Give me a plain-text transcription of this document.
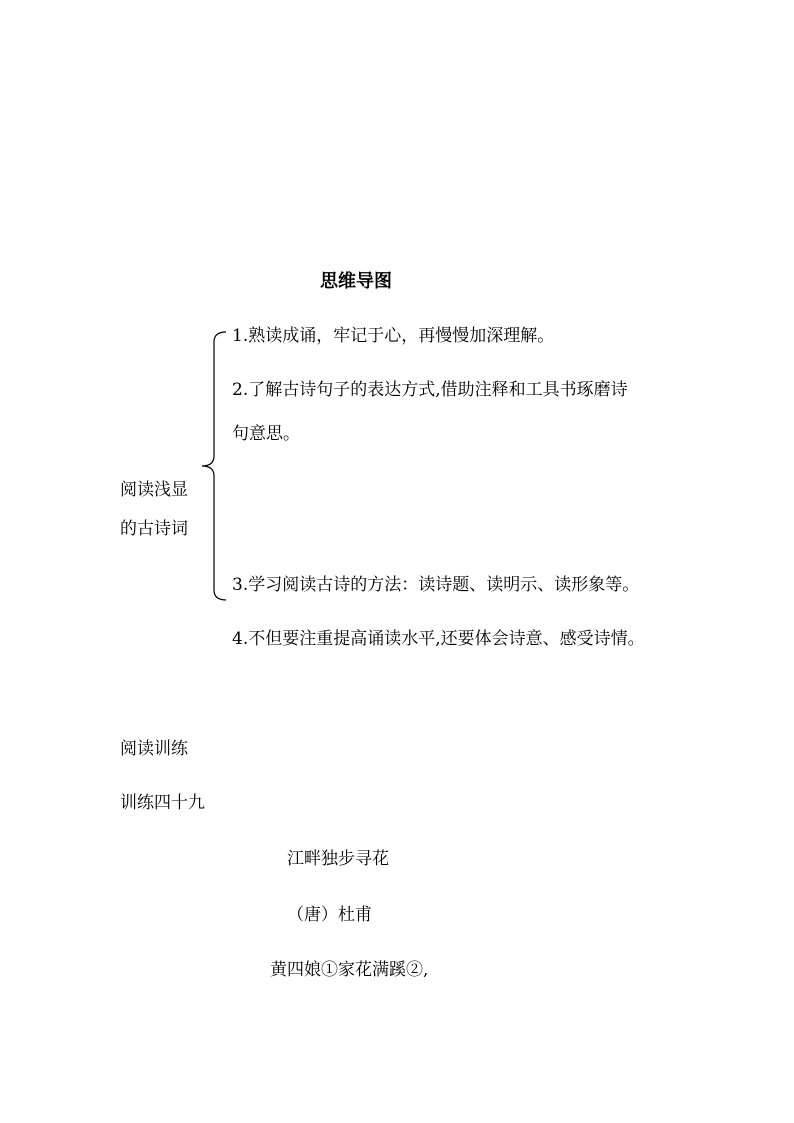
思维导图
阅读浅显
的古诗词
1.熟读成诵，牢记于心，再慢慢加深理解。
2.了解古诗句子的表达方式,借助注释和工具书琢磨诗
句意思。
3.学习阅读古诗的方法：读诗题、读明示、读形象等。
4.不但要注重提高诵读水平,还要体会诗意、感受诗情。
阅读训练
训练四十九
江畔独步寻花
（唐）杜甫
黄四娘①家花满蹊②,
